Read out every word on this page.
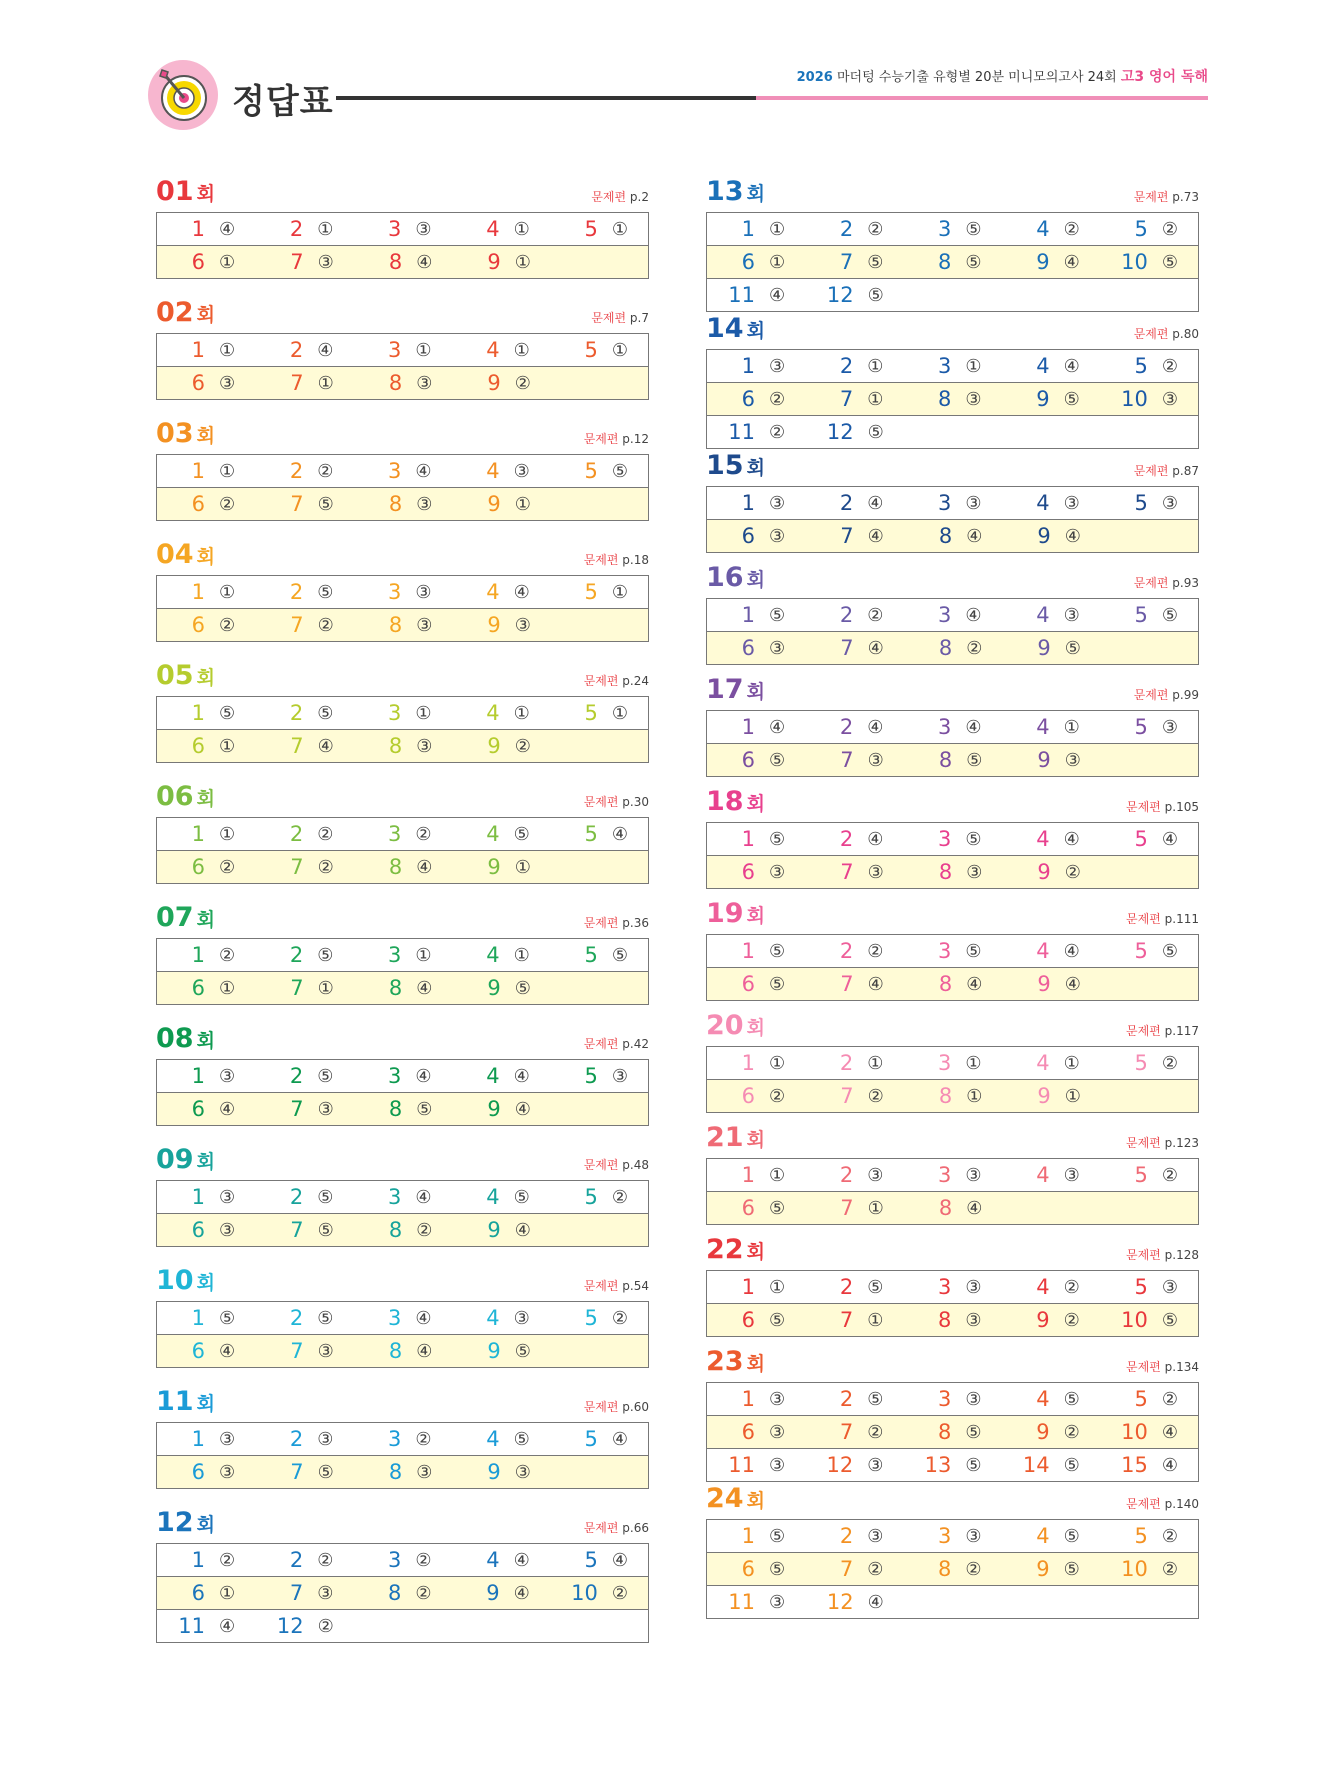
정답표
2026 마더텅 수능기출 유형별 20분 미니모의고사 24회 고3 영어 독해
01 회	문제편 p.2
1 ④	2 ①	3 ③	4 ①	5 ①
6 ①	7 ③	8 ④	9 ①
02 회	문제편 p.7
1 ①	2 ④	3 ①	4 ①	5 ①
6 ③	7 ①	8 ③	9 ②
03 회	문제편 p.12
1 ①	2 ②	3 ④	4 ③	5 ⑤
6 ②	7 ⑤	8 ③	9 ①
04 회	문제편 p.18
1 ①	2 ⑤	3 ③	4 ④	5 ①
6 ②	7 ②	8 ③	9 ③
05 회	문제편 p.24
1 ⑤	2 ⑤	3 ①	4 ①	5 ①
6 ①	7 ④	8 ③	9 ②
06 회	문제편 p.30
1 ①	2 ②	3 ②	4 ⑤	5 ④
6 ②	7 ②	8 ④	9 ①
07 회	문제편 p.36
1 ②	2 ⑤	3 ①	4 ①	5 ⑤
6 ①	7 ①	8 ④	9 ⑤
08 회	문제편 p.42
1 ③	2 ⑤	3 ④	4 ④	5 ③
6 ④	7 ③	8 ⑤	9 ④
09 회	문제편 p.48
1 ③	2 ⑤	3 ④	4 ⑤	5 ②
6 ③	7 ⑤	8 ②	9 ④
10 회	문제편 p.54
1 ⑤	2 ⑤	3 ④	4 ③	5 ②
6 ④	7 ③	8 ④	9 ⑤
11 회	문제편 p.60
1 ③	2 ③	3 ②	4 ⑤	5 ④
6 ③	7 ⑤	8 ③	9 ③
12 회	문제편 p.66
1 ②	2 ②	3 ②	4 ④	5 ④
6 ①	7 ③	8 ②	9 ④	10 ②
11 ④	12 ②
13 회	문제편 p.73
1 ①	2 ②	3 ⑤	4 ②	5 ②
6 ①	7 ⑤	8 ⑤	9 ④	10 ⑤
11 ④	12 ⑤
14 회	문제편 p.80
1 ③	2 ①	3 ①	4 ④	5 ②
6 ②	7 ①	8 ③	9 ⑤	10 ③
11 ②	12 ⑤
15 회	문제편 p.87
1 ③	2 ④	3 ③	4 ③	5 ③
6 ③	7 ④	8 ④	9 ④
16 회	문제편 p.93
1 ⑤	2 ②	3 ④	4 ③	5 ⑤
6 ③	7 ④	8 ②	9 ⑤
17 회	문제편 p.99
1 ④	2 ④	3 ④	4 ①	5 ③
6 ⑤	7 ③	8 ⑤	9 ③
18 회	문제편 p.105
1 ⑤	2 ④	3 ⑤	4 ④	5 ④
6 ③	7 ③	8 ③	9 ②
19 회	문제편 p.111
1 ⑤	2 ②	3 ⑤	4 ④	5 ⑤
6 ⑤	7 ④	8 ④	9 ④
20 회	문제편 p.117
1 ①	2 ①	3 ①	4 ①	5 ②
6 ②	7 ②	8 ①	9 ①
21 회	문제편 p.123
1 ①	2 ③	3 ③	4 ③	5 ②
6 ⑤	7 ①	8 ④
22 회	문제편 p.128
1 ①	2 ⑤	3 ③	4 ②	5 ③
6 ⑤	7 ①	8 ③	9 ②	10 ⑤
23 회	문제편 p.134
1 ③	2 ⑤	3 ③	4 ⑤	5 ②
6 ③	7 ②	8 ⑤	9 ②	10 ④
11 ③	12 ③	13 ⑤	14 ⑤	15 ④
24 회	문제편 p.140
1 ⑤	2 ③	3 ③	4 ⑤	5 ②
6 ⑤	7 ②	8 ②	9 ⑤	10 ②
11 ③	12 ④
